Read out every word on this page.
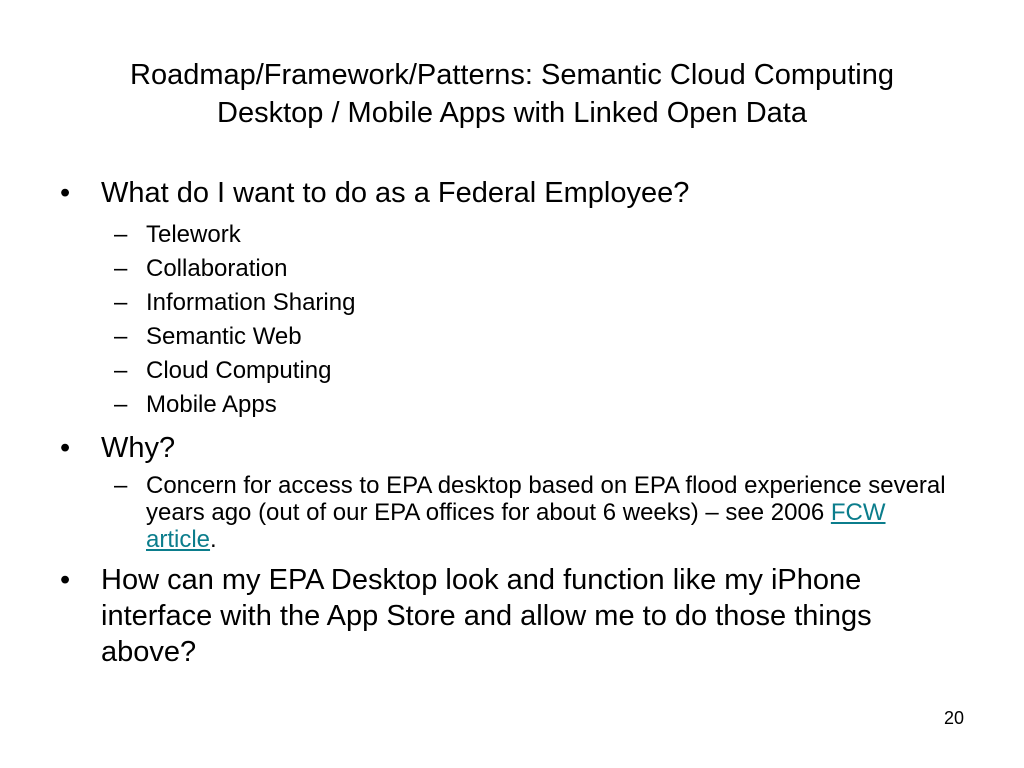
Roadmap/Framework/Patterns: Semantic Cloud Computing
Desktop / Mobile Apps with Linked Open Data
• What do I want to do as a Federal Employee?
– Telework
– Collaboration
– Information Sharing
– Semantic Web
– Cloud Computing
– Mobile Apps
• Why?
– Concern for access to EPA desktop based on EPA flood experience several years ago (out of our EPA offices for about 6 weeks) – see 2006 FCW article.
• How can my EPA Desktop look and function like my iPhone interface with the App Store and allow me to do those things above?
20
